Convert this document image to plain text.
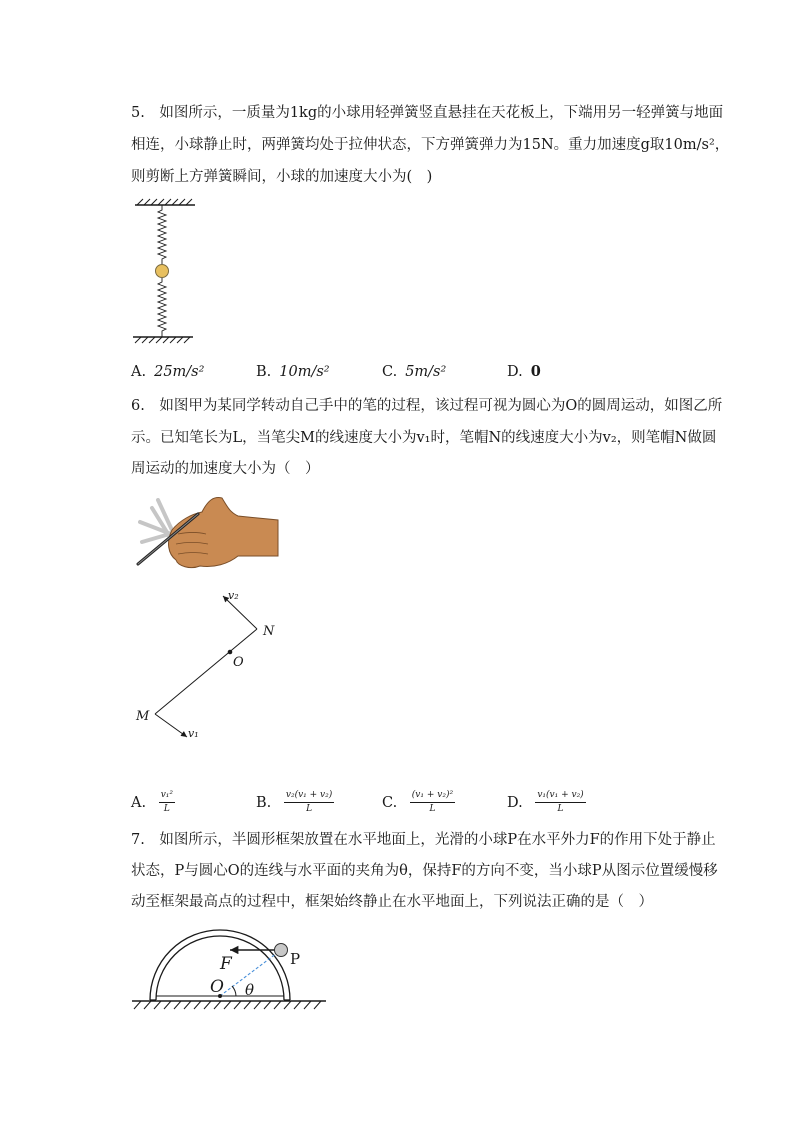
5. 如图所示，一质量为1kg的小球用轻弹簧竖直悬挂在天花板上，下端用另一轻弹簧与地面
相连，小球静止时，两弹簧均处于拉伸状态，下方弹簧弹力为15N。重力加速度g取10m/s²，
则剪断上方弹簧瞬间，小球的加速度大小为( )
A. 25m/s²	B. 10m/s²	C. 5m/s²	D. 0
6. 如图甲为某同学转动自己手中的笔的过程，该过程可视为圆心为O的圆周运动，如图乙所
示。已知笔长为L，当笔尖M的线速度大小为v₁时，笔帽N的线速度大小为v₂，则笔帽N做圆
周运动的加速度大小为（ ）
v₂
N
O
M
v₁
A. $\frac{\text{v₁²}}{L}$	B. $\frac{\text{v₂(v₁ + v₂)}}{L}$	C. $\frac{\text{(v₁ + v₂)²}}{L}$	D. $\frac{\text{v₁(v₁ + v₂)}}{L}$
7. 如图所示，半圆形框架放置在水平地面上，光滑的小球P在水平外力F的作用下处于静止
状态，P与圆心O的连线与水平面的夹角为θ，保持F的方向不变，当小球P从图示位置缓慢移
动至框架最高点的过程中，框架始终静止在水平地面上，下列说法正确的是（ ）
F	P
O θ
